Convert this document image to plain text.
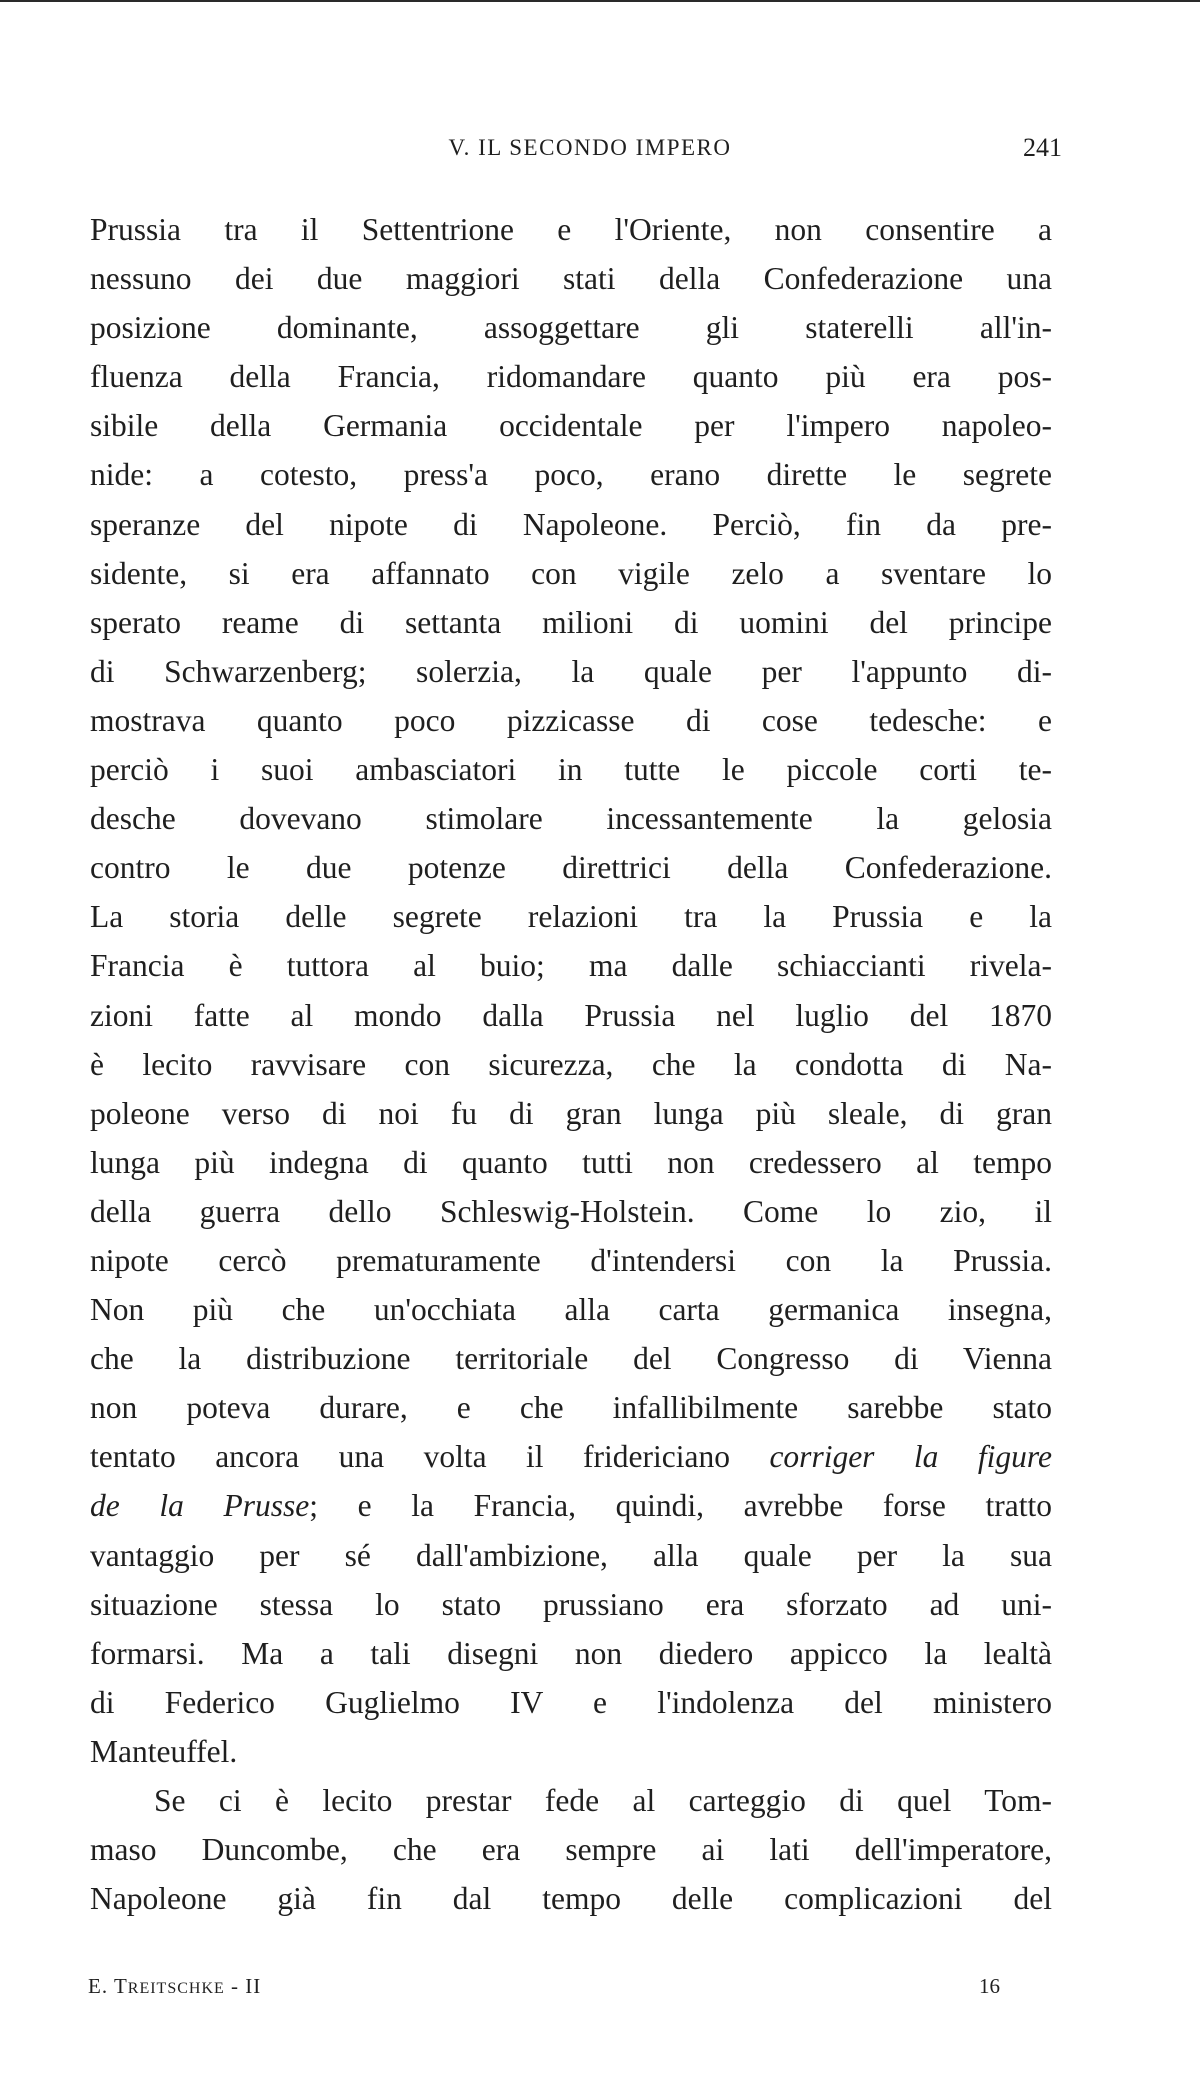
V. IL SECONDO IMPERO	241
Prussia tra il Settentrione e l'Oriente, non consentire a
nessuno dei due maggiori stati della Confederazione una
posizione dominante, assoggettare gli staterelli all'in-
fluenza della Francia, ridomandare quanto più era pos-
sibile della Germania occidentale per l'impero napoleo-
nide: a cotesto, press'a poco, erano dirette le segrete
speranze del nipote di Napoleone. Perciò, fin da pre-
sidente, si era affannato con vigile zelo a sventare lo
sperato reame di settanta milioni di uomini del principe
di Schwarzenberg; solerzia, la quale per l'appunto di-
mostrava quanto poco pizzicasse di cose tedesche: e
perciò i suoi ambasciatori in tutte le piccole corti te-
desche dovevano stimolare incessantemente la gelosia
contro le due potenze direttrici della Confederazione.
La storia delle segrete relazioni tra la Prussia e la
Francia è tuttora al buio; ma dalle schiaccianti rivela-
zioni fatte al mondo dalla Prussia nel luglio del 1870
è lecito ravvisare con sicurezza, che la condotta di Na-
poleone verso di noi fu di gran lunga più sleale, di gran
lunga più indegna di quanto tutti non credessero al tempo
della guerra dello Schleswig-Holstein. Come lo zio, il
nipote cercò prematuramente d'intendersi con la Prussia.
Non più che un'occhiata alla carta germanica insegna,
che la distribuzione territoriale del Congresso di Vienna
non poteva durare, e che infallibilmente sarebbe stato
tentato ancora una volta il fridericiano corriger la figure
de la Prusse; e la Francia, quindi, avrebbe forse tratto
vantaggio per sé dall'ambizione, alla quale per la sua
situazione stessa lo stato prussiano era sforzato ad uni-
formarsi. Ma a tali disegni non diedero appicco la lealtà
di Federico Guglielmo IV e l'indolenza del ministero
Manteuffel.
Se ci è lecito prestar fede al carteggio di quel Tom-
maso Duncombe, che era sempre ai lati dell'imperatore,
Napoleone già fin dal tempo delle complicazioni del
E. TREITSCHKE - II	16
